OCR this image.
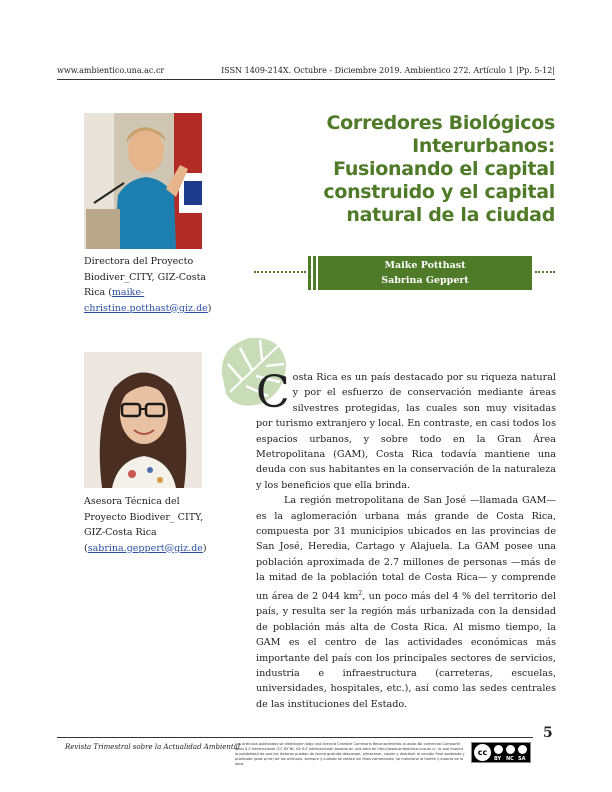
www.ambientico.una.ac.cr	ISSN 1409-214X. Octubre - Diciembre 2019. Ambientico 272. Artículo 1 |Pp. 5-12|
Directora del Proyecto Biodiver_CITY, GIZ-Costa Rica (maike-christine.potthast@giz.de)
Asesora Técnica del Proyecto Biodiver_ CITY, GIZ-Costa Rica (sabrina.geppert@giz.de)
Corredores Biológicos
Interurbanos:
Fusionando el capital
construido y el capital
natural de la ciudad
Maike Potthast
Sabrina Geppert

Costa Rica es un país destacado por su riqueza natural y por el esfuerzo de conservación mediante áreas silvestres protegidas, las cuales son muy visitadas por turismo extranjero y local. En contraste, en casi todos los espacios urbanos, y sobre todo en la Gran Área Metropolitana (GAM), Costa Rica todavía mantiene una deuda con sus habitantes en la conservación de la naturaleza y los beneficios que ella brinda.

La región metropolitana de San José —llamada GAM— es la aglomeración urbana más grande de Costa Rica, compuesta por 31 municipios ubicados en las provincias de San José, Heredia, Cartago y Alajuela. La GAM posee una población aproximada de 2.7 millones de personas —más de la mitad de la población total de Costa Rica— y comprende un área de 2 044 $km^2$, un poco más del 4 % del territorio del país, y resulta ser la región más urbanizada con la densidad de población más alta de Costa Rica. Al mismo tiempo, la GAM es el centro de las actividades económicas más importante del país con los principales sectores de servicios, industria e infraestructura (carreteras, escuelas, universidades, hospitales, etc.), así como las sedes centrales de las instituciones del Estado.

5
Revista Trimestral sobre la Actualidad Ambiental
Los artículos publicados se distribuyen bajo una licencia Creative Commons Reconocimiento al autor-No comercial-Compartir igual 4.0 Internacional (CC BY NC SA 4.0 Internacional) basada en una obra en http://www.ambientico.una.ac.cr, lo que implica la posibilidad de que los lectores puedan de forma gratuita descargar, almacenar, copiar y distribuir la versión final aprobada y publicada (post print) de los artículos, siempre y cuando se realice sin fines comerciales, se mencione la fuente y autoría de la obra.
cc
BY NC SA
